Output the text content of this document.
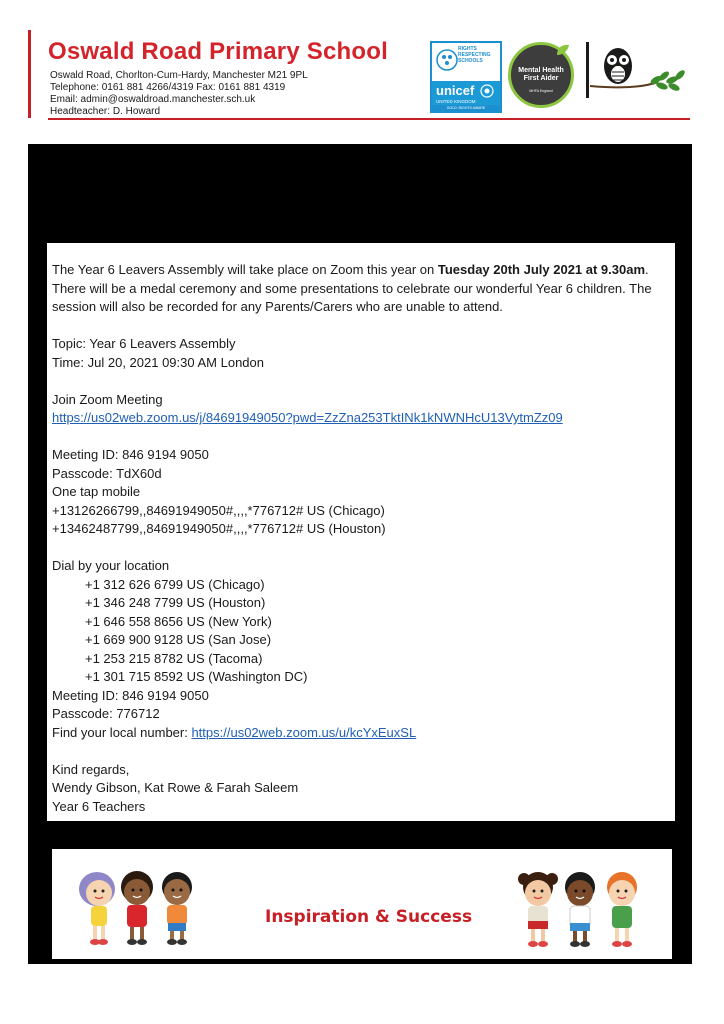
Oswald Road Primary School
Oswald Road, Chorlton-Cum-Hardy, Manchester M21 9PL
Telephone: 0161 881 4266/4319 Fax: 0161 881 4319
Email: admin@oswaldroad.manchester.sch.uk
Headteacher: D. Howard
RIGHTS RESPECTING SCHOOLS
unicef
UNITED KINGDOM
GOLD: RIGHTS AWARE
Mental Health First Aider
MHFA England

The Year 6 Leavers Assembly will take place on Zoom this year on Tuesday 20th July 2021 at 9.30am. There will be a medal ceremony and some presentations to celebrate our wonderful Year 6 children. The session will also be recorded for any Parents/Carers who are unable to attend.

Topic: Year 6 Leavers Assembly

Time: Jul 20, 2021 09:30 AM London

Join Zoom Meeting

https://us02web.zoom.us/j/84691949050?pwd=ZzZna253TktINk1kNWNHcU13VytmZz09

Meeting ID: 846 9194 9050

Passcode: TdX60d

One tap mobile

+13126266799,,84691949050#,,,,*776712# US (Chicago)

+13462487799,,84691949050#,,,,*776712# US (Houston)

Dial by your location

+1 312 626 6799 US (Chicago)

+1 346 248 7799 US (Houston)

+1 646 558 8656 US (New York)

+1 669 900 9128 US (San Jose)

+1 253 215 8782 US (Tacoma)

+1 301 715 8592 US (Washington DC)

Meeting ID: 846 9194 9050

Passcode: 776712

Find your local number: https://us02web.zoom.us/u/kcYxEuxSL

Kind regards,

Wendy Gibson, Kat Rowe & Farah Saleem

Year 6 Teachers

Inspiration & Success
